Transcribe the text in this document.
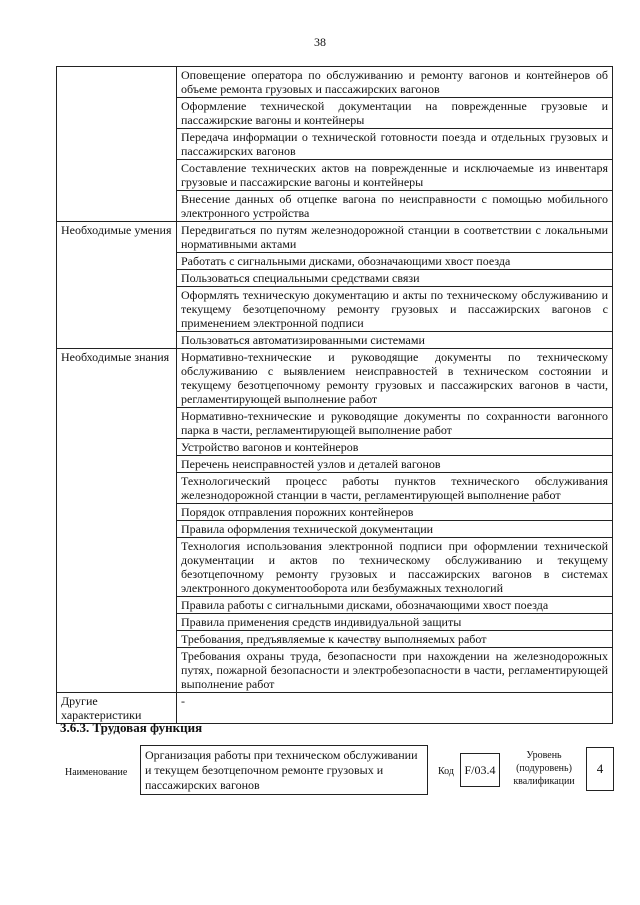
38
	Оповещение оператора по обслуживанию и ремонту вагонов и контейнеров об объеме ремонта грузовых и пассажирских вагонов
	Оформление технической документации на поврежденные грузовые и пассажирские вагоны и контейнеры
	Передача информации о технической готовности поезда и отдельных грузовых и пассажирских вагонов
	Составление технических актов на поврежденные и исключаемые из инвентаря грузовые и пассажирские вагоны и контейнеры
	Внесение данных об отцепке вагона по неисправности с помощью мобильного электронного устройства
Необходимые умения	Передвигаться по путям железнодорожной станции в соответствии с локальными нормативными актами
	Работать с сигнальными дисками, обозначающими хвост поезда
	Пользоваться специальными средствами связи
	Оформлять техническую документацию и акты по техническому обслуживанию и текущему безотцепочному ремонту грузовых и пассажирских вагонов с применением электронной подписи
	Пользоваться автоматизированными системами
Необходимые знания	Нормативно-технические и руководящие документы по техническому обслуживанию с выявлением неисправностей в техническом состоянии и текущему безотцепочному ремонту грузовых и пассажирских вагонов в части, регламентирующей выполнение работ
	Нормативно-технические и руководящие документы по сохранности вагонного парка в части, регламентирующей выполнение работ
	Устройство вагонов и контейнеров
	Перечень неисправностей узлов и деталей вагонов
	Технологический процесс работы пунктов технического обслуживания железнодорожной станции в части, регламентирующей выполнение работ
	Порядок отправления порожних контейнеров
	Правила оформления технической документации
	Технология использования электронной подписи при оформлении технической документации и актов по техническому обслуживанию и текущему безотцепочному ремонту грузовых и пассажирских вагонов в системах электронного документооборота или безбумажных технологий
	Правила работы с сигнальными дисками, обозначающими хвост поезда
	Правила применения средств индивидуальной защиты
	Требования, предъявляемые к качеству выполняемых работ
	Требования охраны труда, безопасности при нахождении на железнодорожных путях, пожарной безопасности и электробезопасности в части, регламентирующей выполнение работ
Другие характеристики	-
3.6.3. Трудовая функция
Наименование
Организация работы при техническом обслуживании и текущем безотцепочном ремонте грузовых и пассажирских вагонов
Код F/03.4
Уровень (подуровень) квалификации
4
